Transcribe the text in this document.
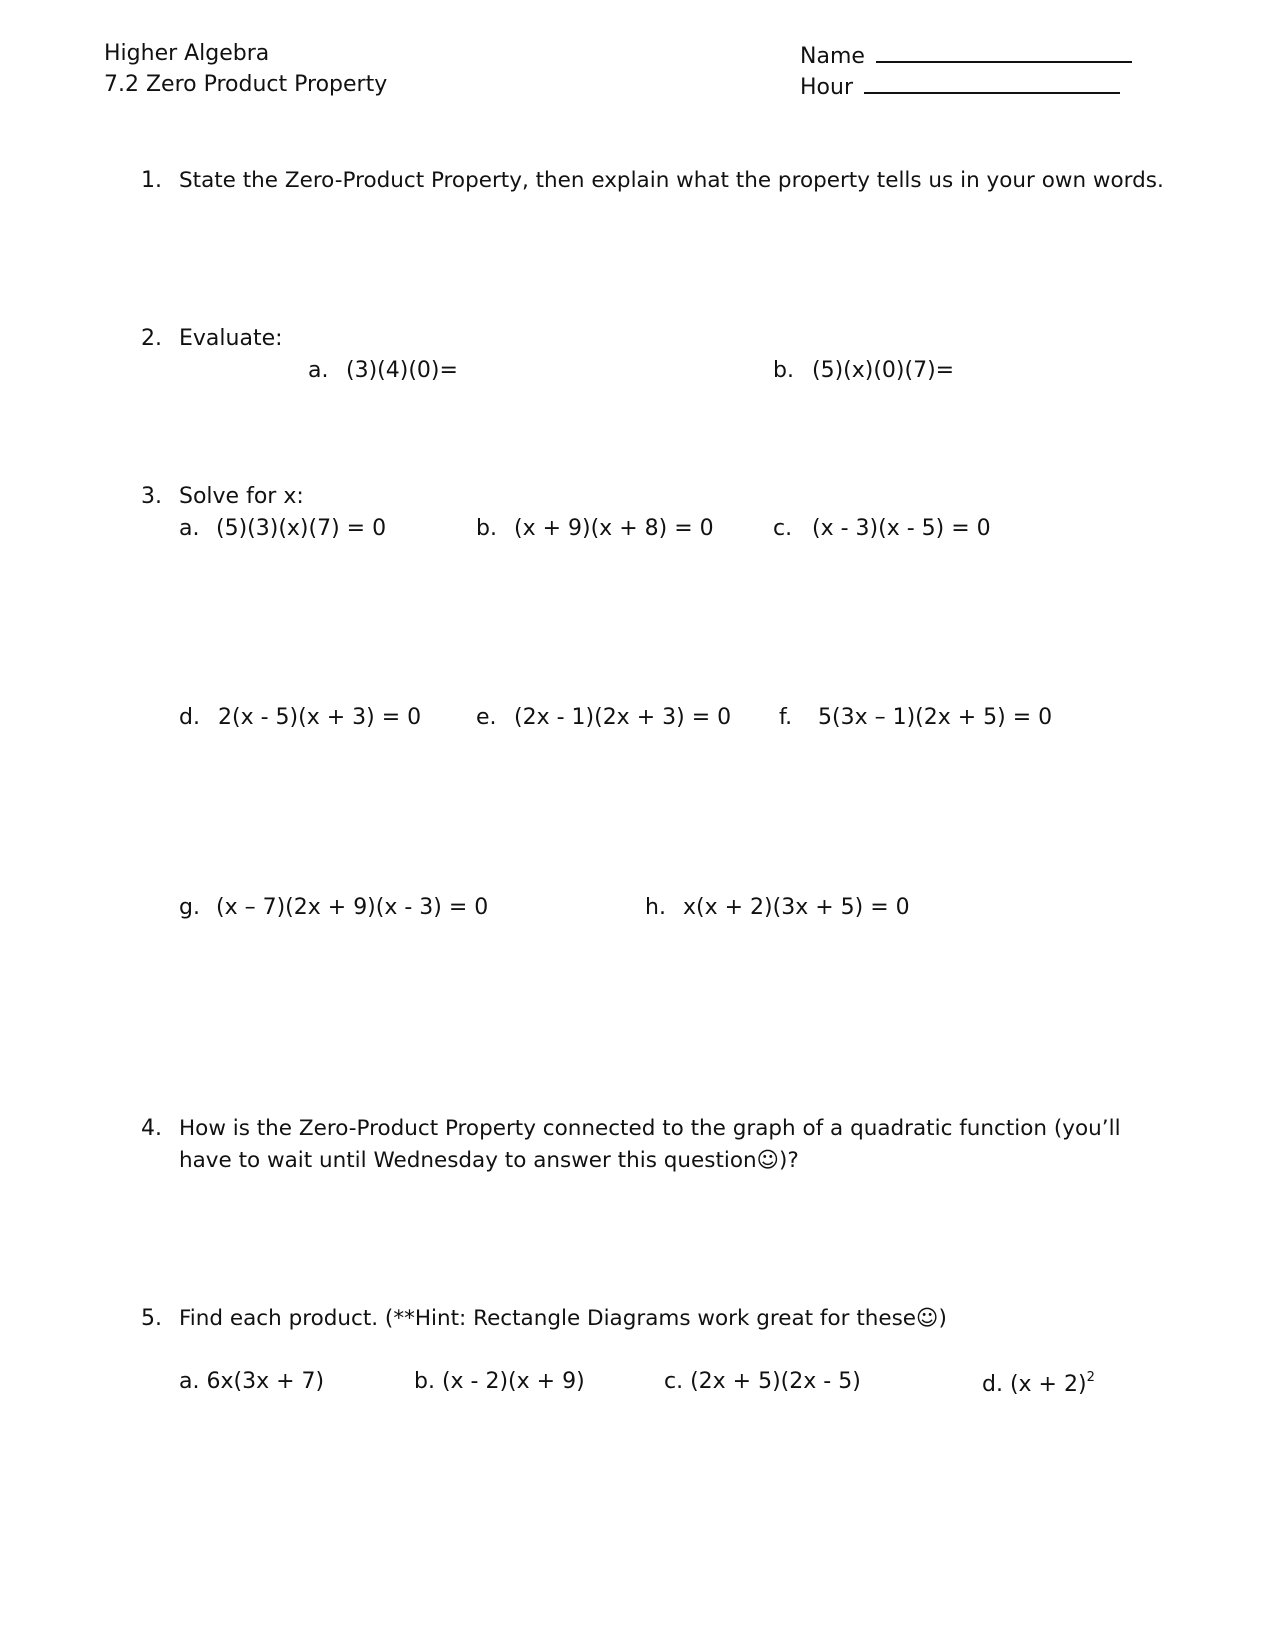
Higher Algebra
7.2 Zero Product Property
Name
Hour
1. State the Zero-Product Property, then explain what the property tells us in your own words.
2. Evaluate:
a. (3)(4)(0)=	b. (5)(x)(0)(7)=
3. Solve for x:
a. (5)(3)(x)(7) = 0	b. (x + 9)(x + 8) = 0	c. (x - 3)(x - 5) = 0
d. 2(x - 5)(x + 3) = 0 e. (2x - 1)(2x + 3) = 0 f. 5(3x – 1)(2x + 5) = 0
g. (x – 7)(2x + 9)(x - 3) = 0	h. x(x + 2)(3x + 5) = 0
4. How is the Zero-Product Property connected to the graph of a quadratic function (you’ll
have to wait until Wednesday to answer this question☺)?
5. Find each product. (**Hint: Rectangle Diagrams work great for these☺)
a. 6x(3x + 7)	b. (x - 2)(x + 9)	c. (2x + 5)(2x - 5)	d. $(x + 2)^2$
